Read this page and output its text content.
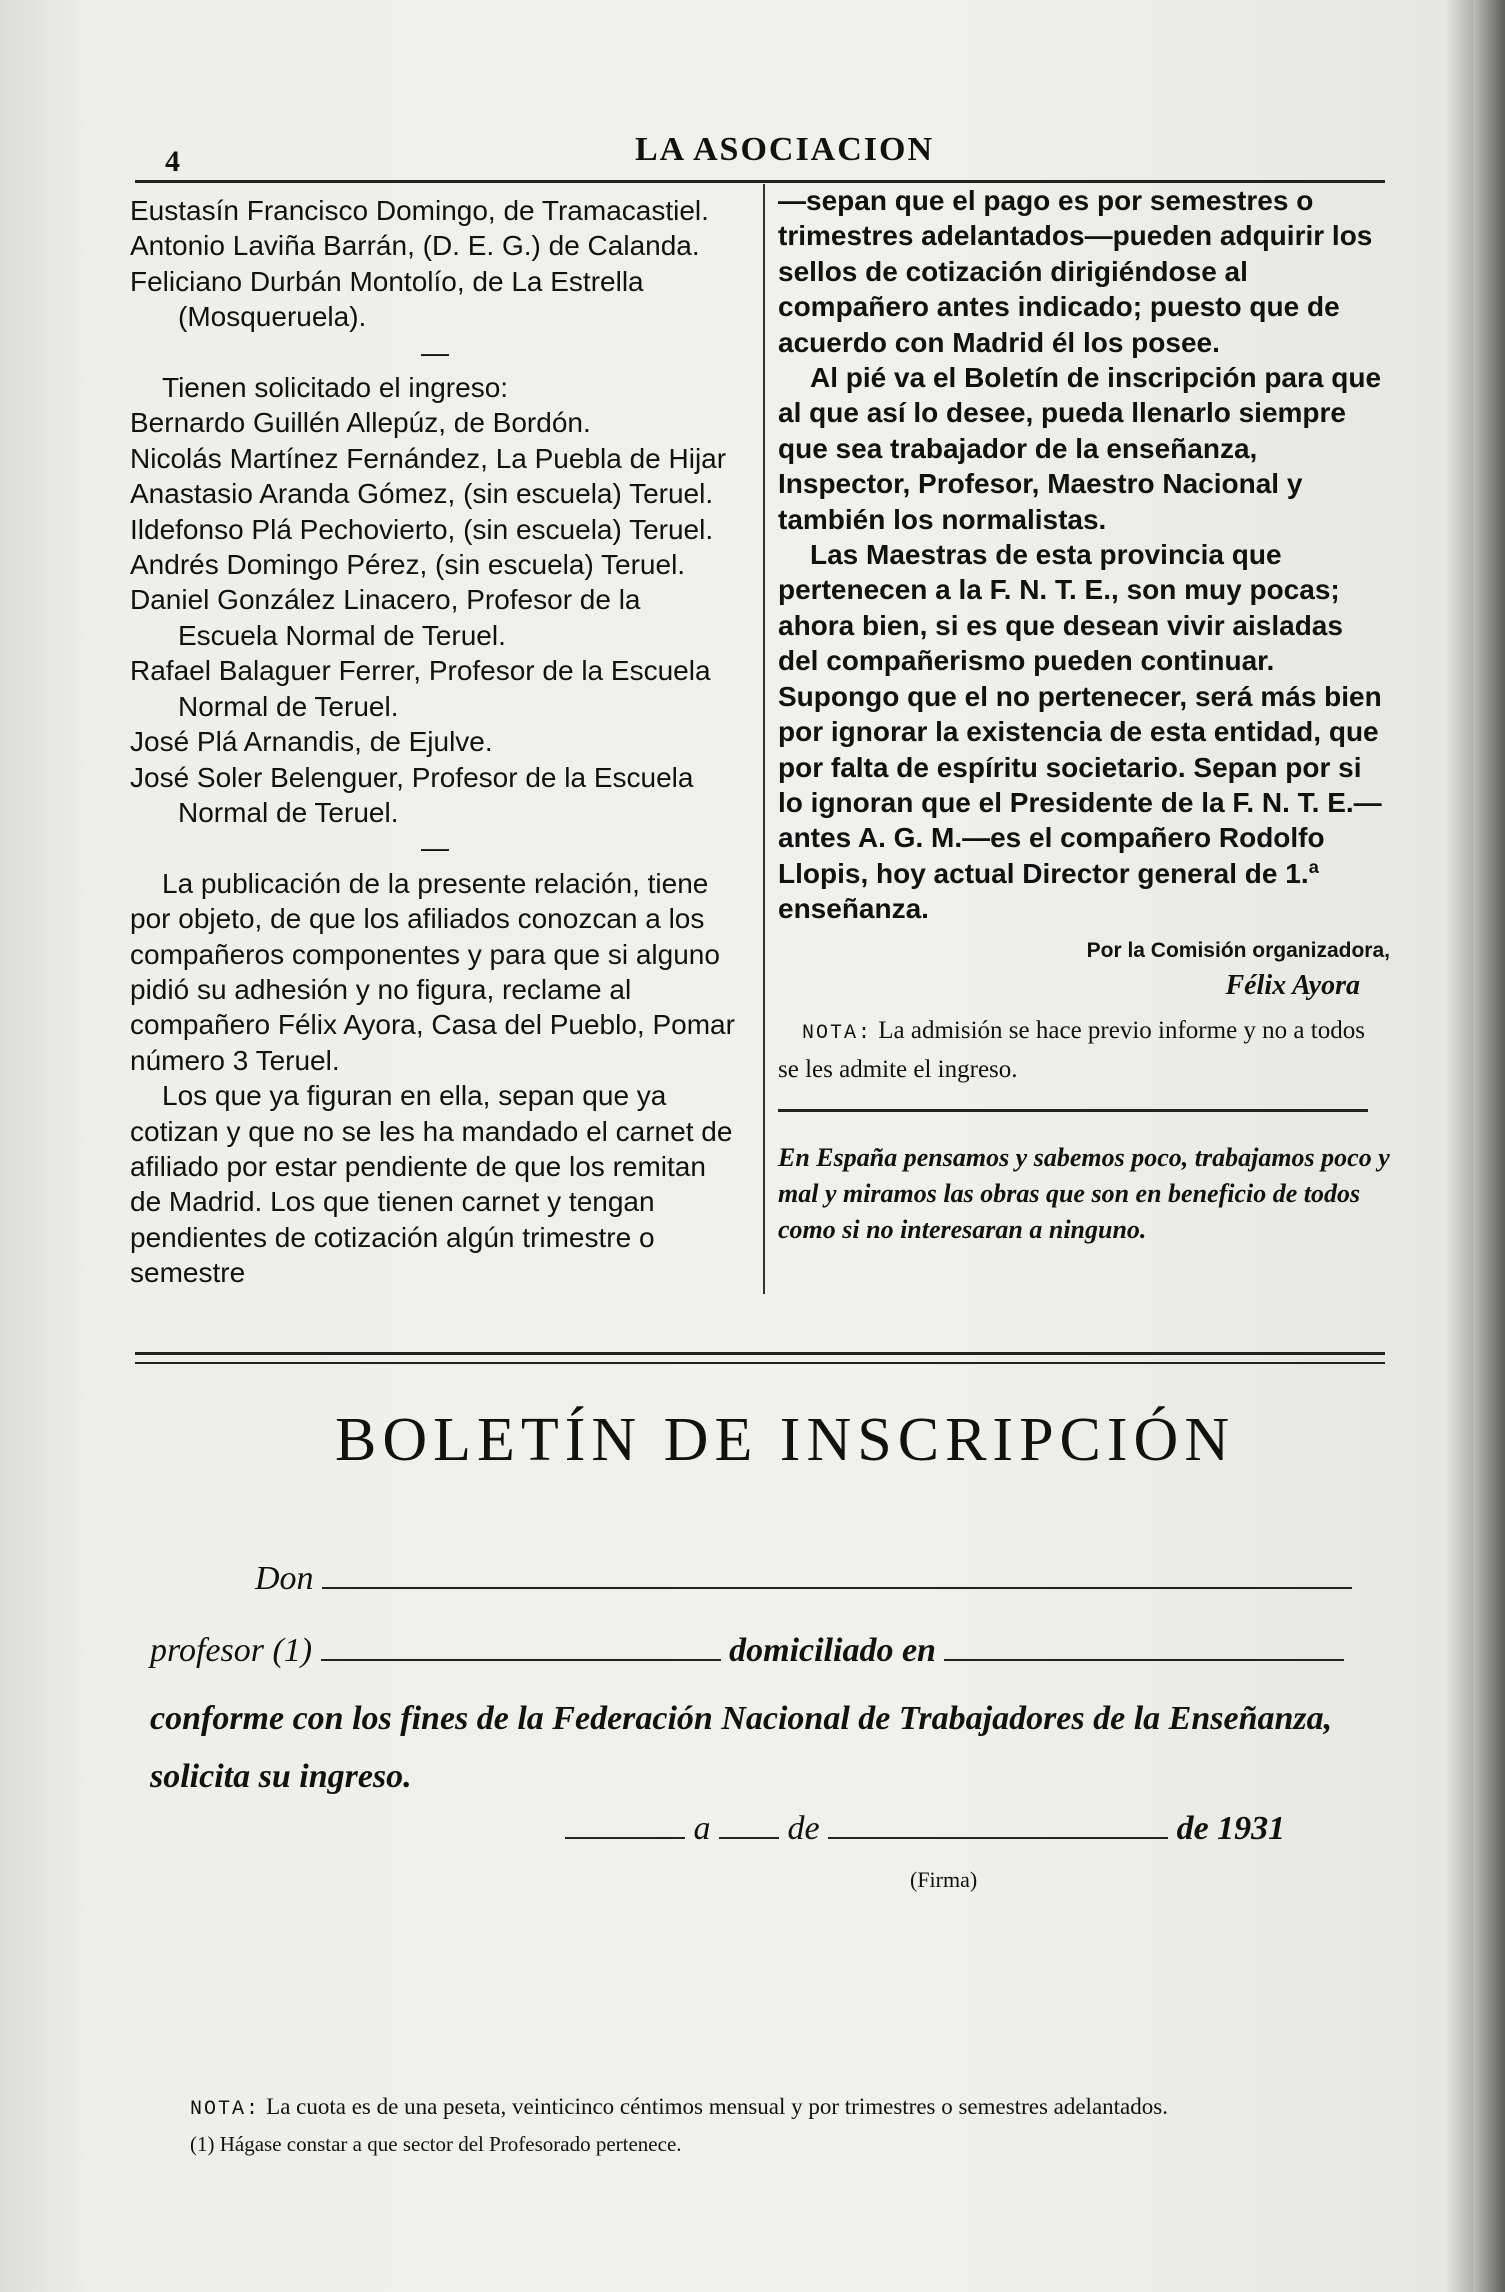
4	LA ASOCIACION

Eustasín Francisco Domingo, de Tramacastiel.

Antonio Laviña Barrán, (D. E. G.) de Calanda.

Feliciano Durbán Montolío, de La Estrella (Mosqueruela).

—

Tienen solicitado el ingreso:

Bernardo Guillén Allepúz, de Bordón.

Nicolás Martínez Fernández, La Puebla de Hijar

Anastasio Aranda Gómez, (sin escuela) Teruel.

Ildefonso Plá Pechovierto, (sin escuela) Teruel.

Andrés Domingo Pérez, (sin escuela) Teruel.

Daniel González Linacero, Profesor de la Escuela Normal de Teruel.

Rafael Balaguer Ferrer, Profesor de la Escuela Normal de Teruel.

José Plá Arnandis, de Ejulve.

José Soler Belenguer, Profesor de la Escuela Normal de Teruel.

—

La publicación de la presente relación, tiene por objeto, de que los afiliados conozcan a los compañeros componentes y para que si alguno pidió su adhesión y no figura, reclame al compañero Félix Ayora, Casa del Pueblo, Pomar número 3 Teruel.

Los que ya figuran en ella, sepan que ya cotizan y que no se les ha mandado el carnet de afiliado por estar pendiente de que los remitan de Madrid. Los que tienen carnet y tengan pendientes de cotización algún trimestre o semestre

—sepan que el pago es por semestres o trimestres adelantados—pueden adquirir los sellos de cotización dirigiéndose al compañero antes indicado; puesto que de acuerdo con Madrid él los posee.

Al pié va el Boletín de inscripción para que al que así lo desee, pueda llenarlo siempre que sea trabajador de la enseñanza, Inspector, Profesor, Maestro Nacional y también los normalistas.

Las Maestras de esta provincia que pertenecen a la F. N. T. E., son muy pocas; ahora bien, si es que desean vivir aisladas del compañerismo pueden continuar. Supongo que el no pertenecer, será más bien por ignorar la existencia de esta entidad, que por falta de espíritu societario. Sepan por si lo ignoran que el Presidente de la F. N. T. E.—antes A. G. M.—es el compañero Rodolfo Llopis, hoy actual Director general de 1.ª enseñanza.

Por la Comisión organizadora,

Félix Ayora

NOTA: La admisión se hace previo informe y no a todos se les admite el ingreso.

En España pensamos y sabemos poco, trabajamos poco y mal y miramos las obras que son en beneficio de todos como si no interesaran a ninguno.

BOLETÍN DE INSCRIPCIÓN
Don
profesor (1)	domiciliado en
conforme con los fines de la Federación Nacional de Trabajadores de la Enseñanza, solicita su ingreso.
a de	de 1931
(Firma)
NOTA: La cuota es de una peseta, veinticinco céntimos mensual y por trimestres o semestres adelantados.
(1) Hágase constar a que sector del Profesorado pertenece.
